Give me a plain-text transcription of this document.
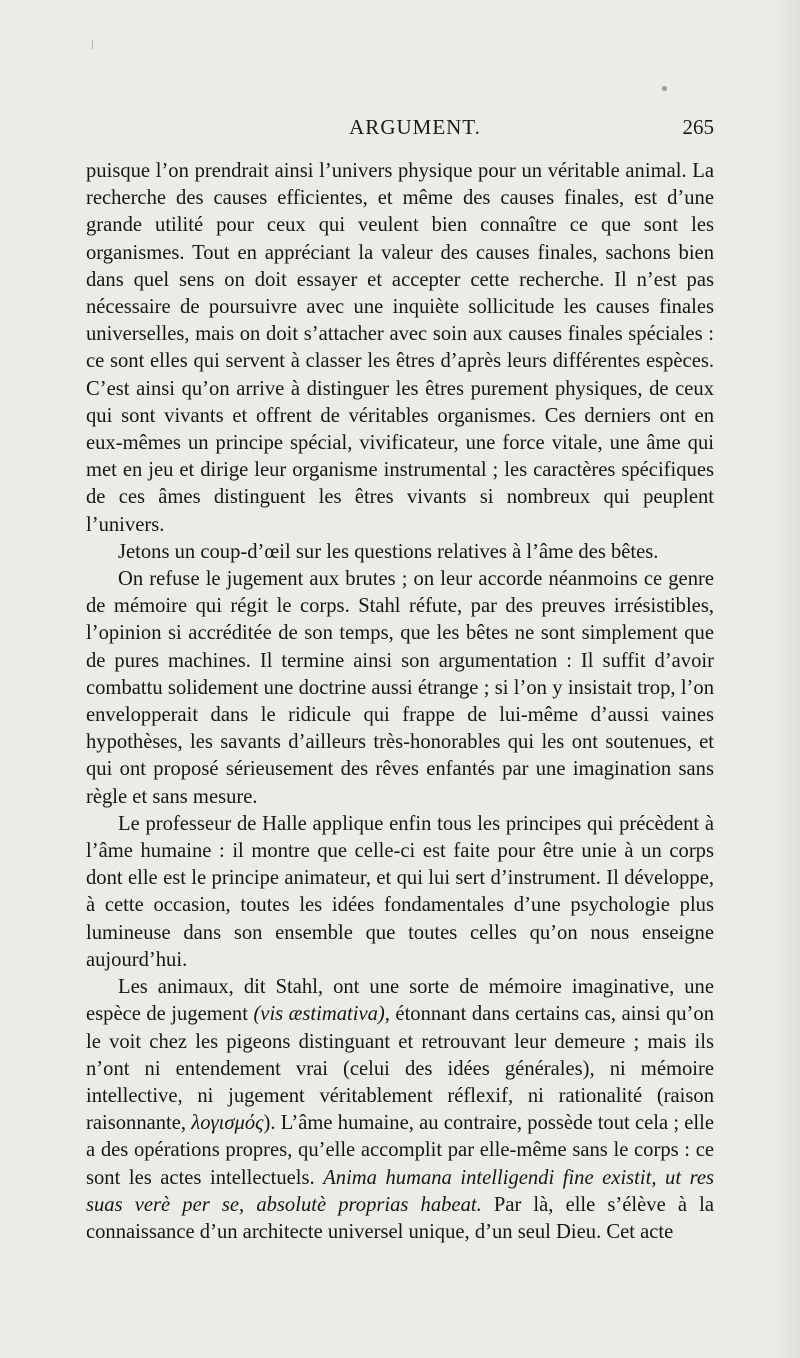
ARGUMENT.	265

puisque l’on prendrait ainsi l’univers physique pour un véritable animal. La recherche des causes efficientes, et même des causes finales, est d’une grande utilité pour ceux qui veulent bien connaître ce que sont les organismes. Tout en appréciant la valeur des causes finales, sachons bien dans quel sens on doit essayer et accepter cette recherche. Il n’est pas nécessaire de poursuivre avec une inquiète sollicitude les causes finales universelles, mais on doit s’attacher avec soin aux causes finales spéciales : ce sont elles qui servent à classer les êtres d’après leurs différentes espèces. C’est ainsi qu’on arrive à distinguer les êtres purement physiques, de ceux qui sont vivants et offrent de véritables organismes. Ces derniers ont en eux-mêmes un principe spécial, vivificateur, une force vitale, une âme qui met en jeu et dirige leur organisme instrumental ; les caractères spécifiques de ces âmes distinguent les êtres vivants si nombreux qui peuplent l’univers.

Jetons un coup-d’œil sur les questions relatives à l’âme des bêtes.

On refuse le jugement aux brutes ; on leur accorde néanmoins ce genre de mémoire qui régit le corps. Stahl réfute, par des preuves irrésistibles, l’opinion si accréditée de son temps, que les bêtes ne sont simplement que de pures machines. Il termine ainsi son argumentation : Il suffit d’avoir combattu solidement une doctrine aussi étrange ; si l’on y insistait trop, l’on envelopperait dans le ridicule qui frappe de lui-même d’aussi vaines hypothèses, les savants d’ailleurs très-honorables qui les ont soutenues, et qui ont proposé sérieusement des rêves enfantés par une imagination sans règle et sans mesure.

Le professeur de Halle applique enfin tous les principes qui précèdent à l’âme humaine : il montre que celle-ci est faite pour être unie à un corps dont elle est le principe animateur, et qui lui sert d’instrument. Il développe, à cette occasion, toutes les idées fondamentales d’une psychologie plus lumineuse dans son ensemble que toutes celles qu’on nous enseigne aujourd’hui.

Les animaux, dit Stahl, ont une sorte de mémoire imaginative, une espèce de jugement (vis æstimativa), étonnant dans certains cas, ainsi qu’on le voit chez les pigeons distinguant et retrouvant leur demeure ; mais ils n’ont ni entendement vrai (celui des idées générales), ni mémoire intellective, ni jugement véritablement réflexif, ni rationalité (raison raisonnante, λογισμός). L’âme humaine, au contraire, possède tout cela ; elle a des opérations propres, qu’elle accomplit par elle-même sans le corps : ce sont les actes intellectuels. Anima humana intelligendi fine existit, ut res suas verè per se, absolutè proprias habeat. Par là, elle s’élève à la connaissance d’un architecte universel unique, d’un seul Dieu. Cet acte
